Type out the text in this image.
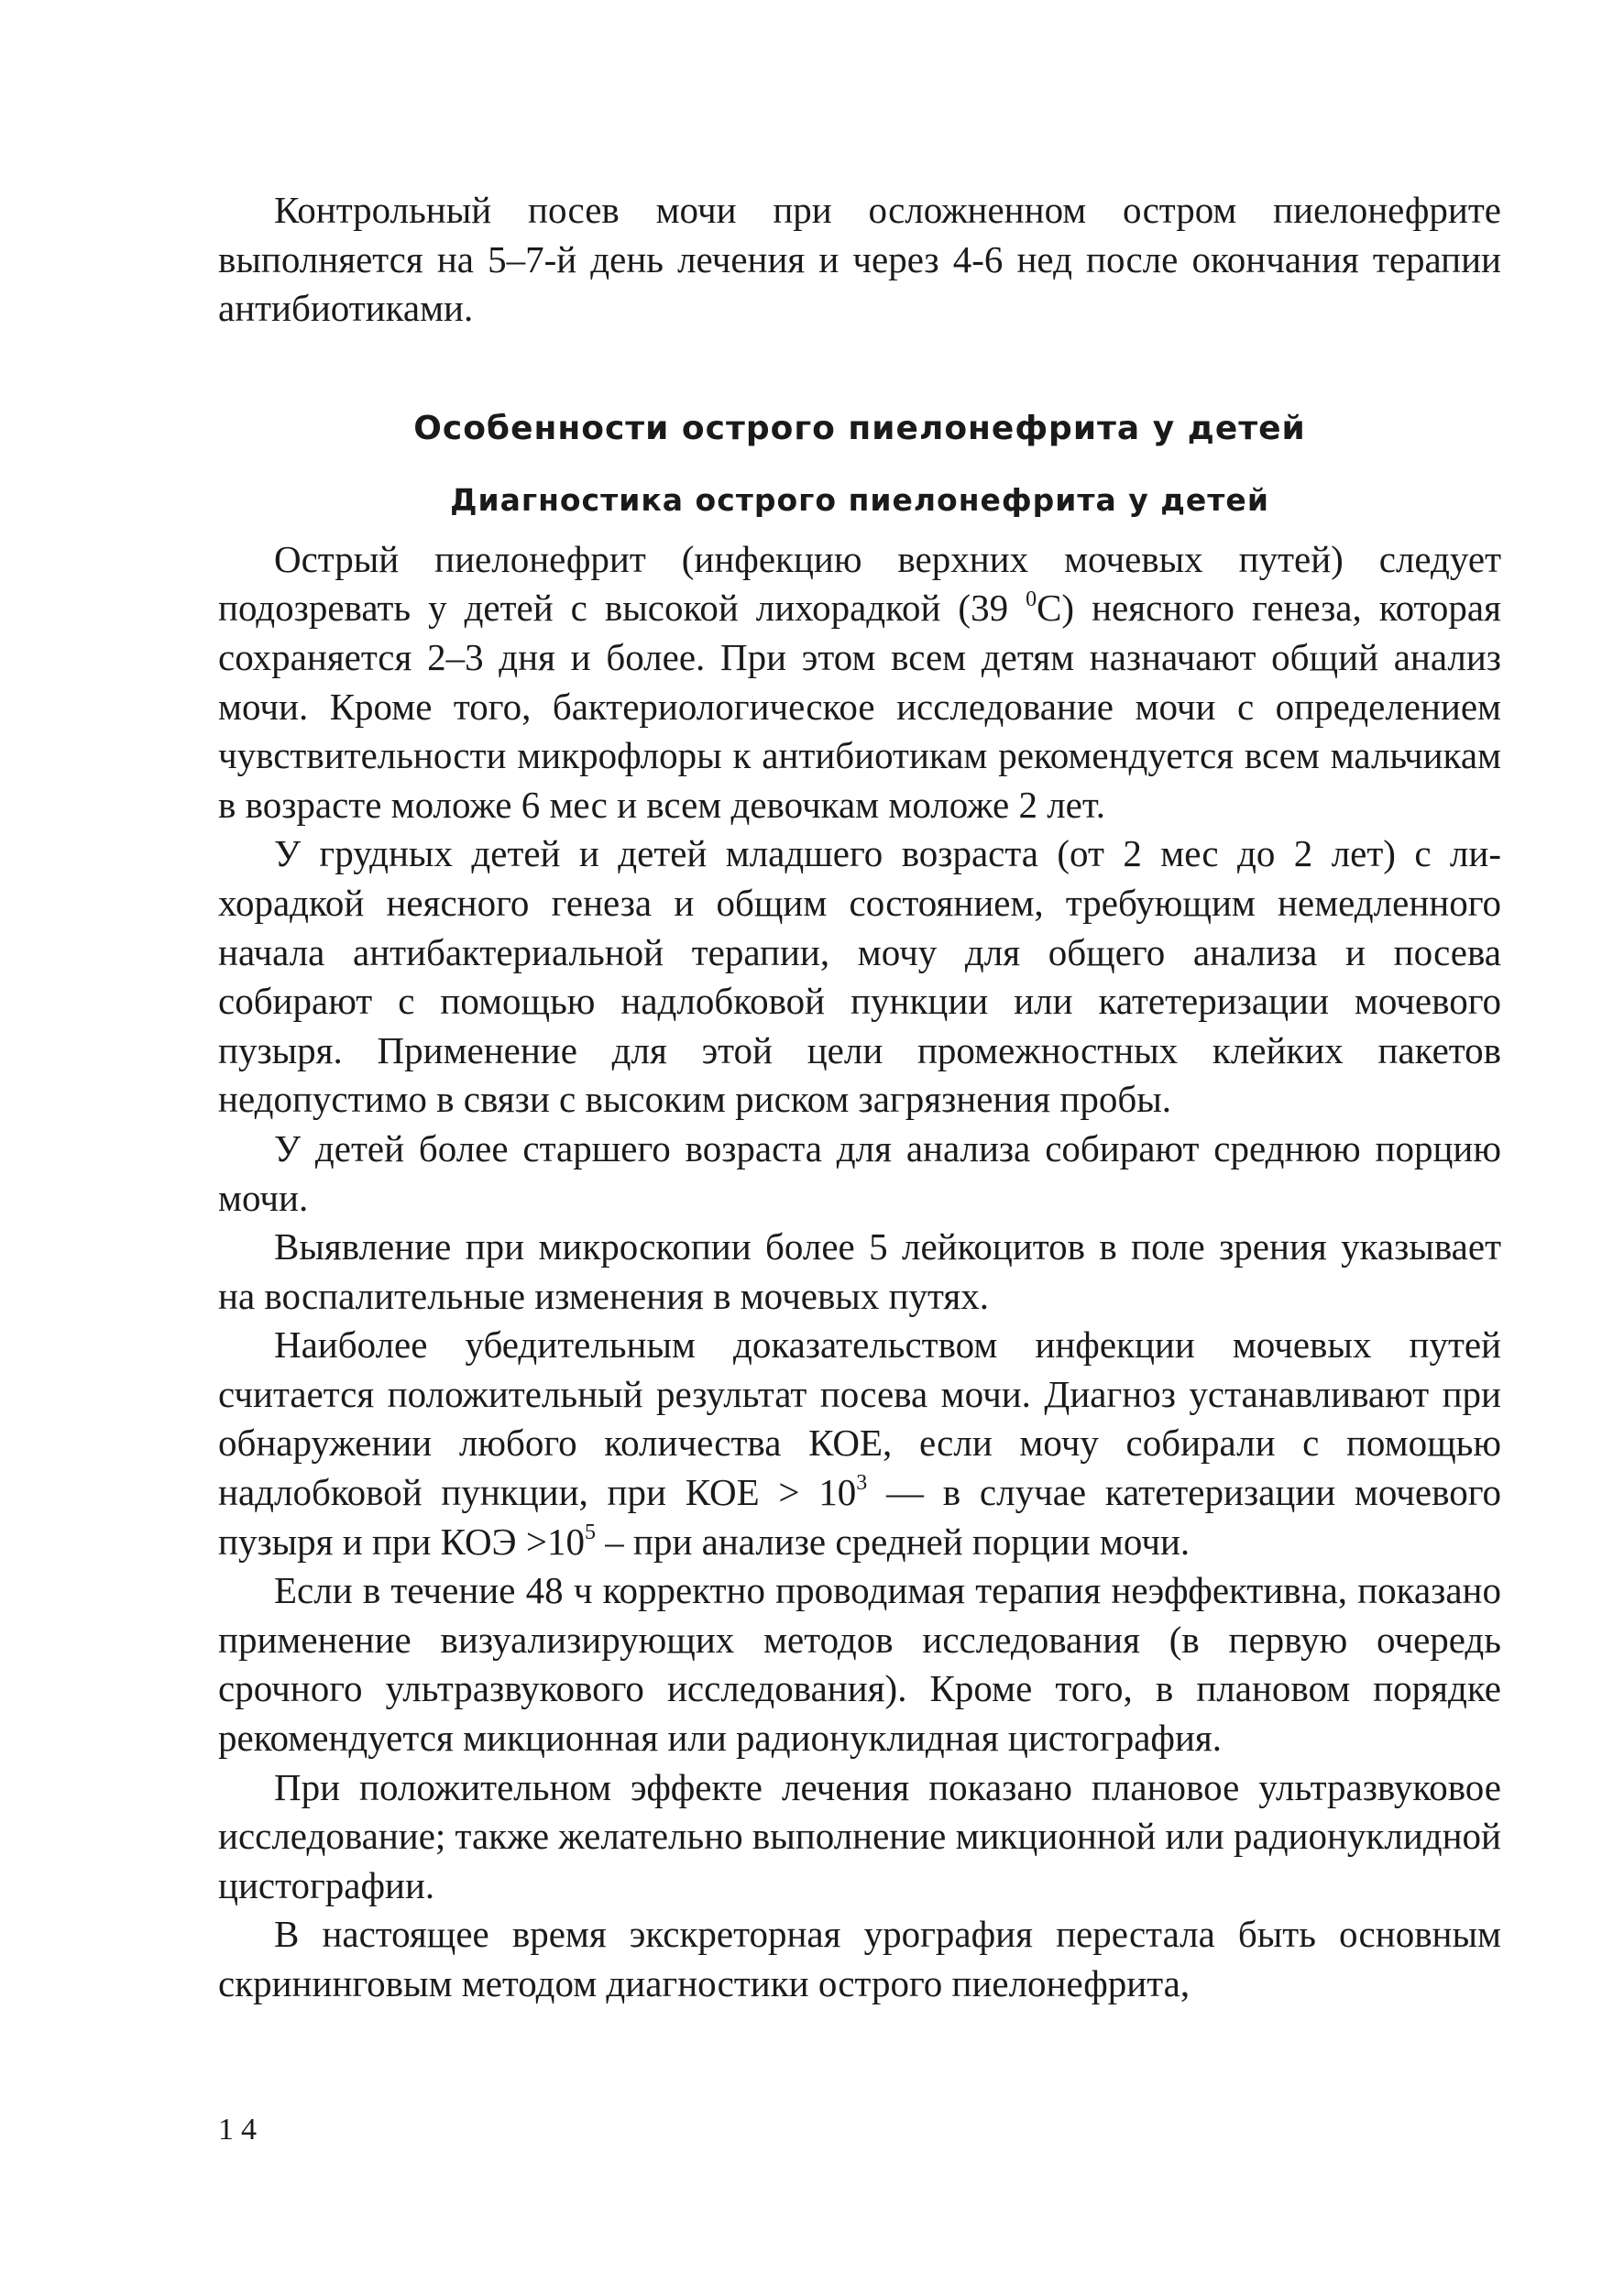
Контрольный посев мочи при осложненном остром пиелонефрите выполняется на 5–7-й день лечения и через 4-6 нед после окончания терапии антибиотиками.

Особенности острого пиелонефрита у детей
Диагностика острого пиелонефрита у детей

Острый пиелонефрит (инфекцию верхних мочевых путей) следует подозревать у детей с высокой лихорадкой (39 $^0$С) неясного генеза, которая сохраняется 2–3 дня и более. При этом всем детям назначают общий анализ мочи. Кроме того, бактериологическое исследование мочи с определением чувствительности микрофлоры к антибиотикам рекомендуется всем мальчикам в возрасте моложе 6 мес и всем девочкам моложе 2 лет.

У грудных детей и детей младшего возраста (от 2 мес до 2 лет) с лихорадкой неясного генеза и общим состоянием, требующим немедленного начала антибактериальной терапии, мочу для общего анализа и посева собирают с помощью надлобковой пункции или катетеризации мочевого пузыря. Применение для этой цели промежностных клейких пакетов недопустимо в связи с высоким риском загрязнения пробы.

У детей более старшего возраста для анализа собирают среднюю порцию мочи.

Выявление при микроскопии более 5 лейкоцитов в поле зрения указывает на воспалительные изменения в мочевых путях.

Наиболее убедительным доказательством инфекции мочевых путей считается положительный результат посева мочи. Диагноз устанавливают при обнаружении любого количества КОЕ, если мочу собирали с помощью надлобковой пункции, при КОЕ > $10^3$ — в случае катетеризации мочевого пузыря и при КОЭ $>10^5$ – при анализе средней порции мочи.

Если в течение 48 ч корректно проводимая терапия неэффективна, показано применение визуализирующих методов исследования (в первую очередь срочного ультразвукового исследования). Кроме того, в плановом порядке рекомендуется микционная или радионуклидная цистография.

При положительном эффекте лечения показано плановое ультразвуковое исследование; также желательно выполнение микционной или радионуклидной цистографии.

В настоящее время экскреторная урография перестала быть основным скрининговым методом диагностики острого пиелонефрита,

14
